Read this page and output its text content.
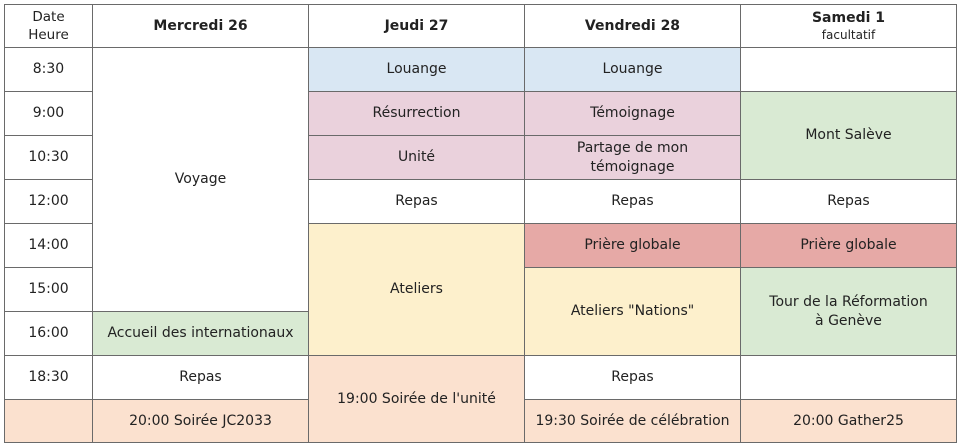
Date
Heure	Mercredi 26	Jeudi 27	Vendredi 28	Samedi 1
facultatif

8:30	Voyage	Louange	Louange	
9:00		Résurrection	Témoignage	Mont Salève
10:30		Unité	Partage de mon
témoignage	

12:00		Repas	Repas	Repas
14:00		Ateliers	Prière globale	Prière globale
15:00			Ateliers "Nations"	Tour de la Réformation
à Genève

16:00	Accueil des internationaux			
18:30	Repas	19:00 Soirée de l'unité	Repas	
	20:00 Soirée JC2033		19:30 Soirée de célébration	20:00 Gather25
